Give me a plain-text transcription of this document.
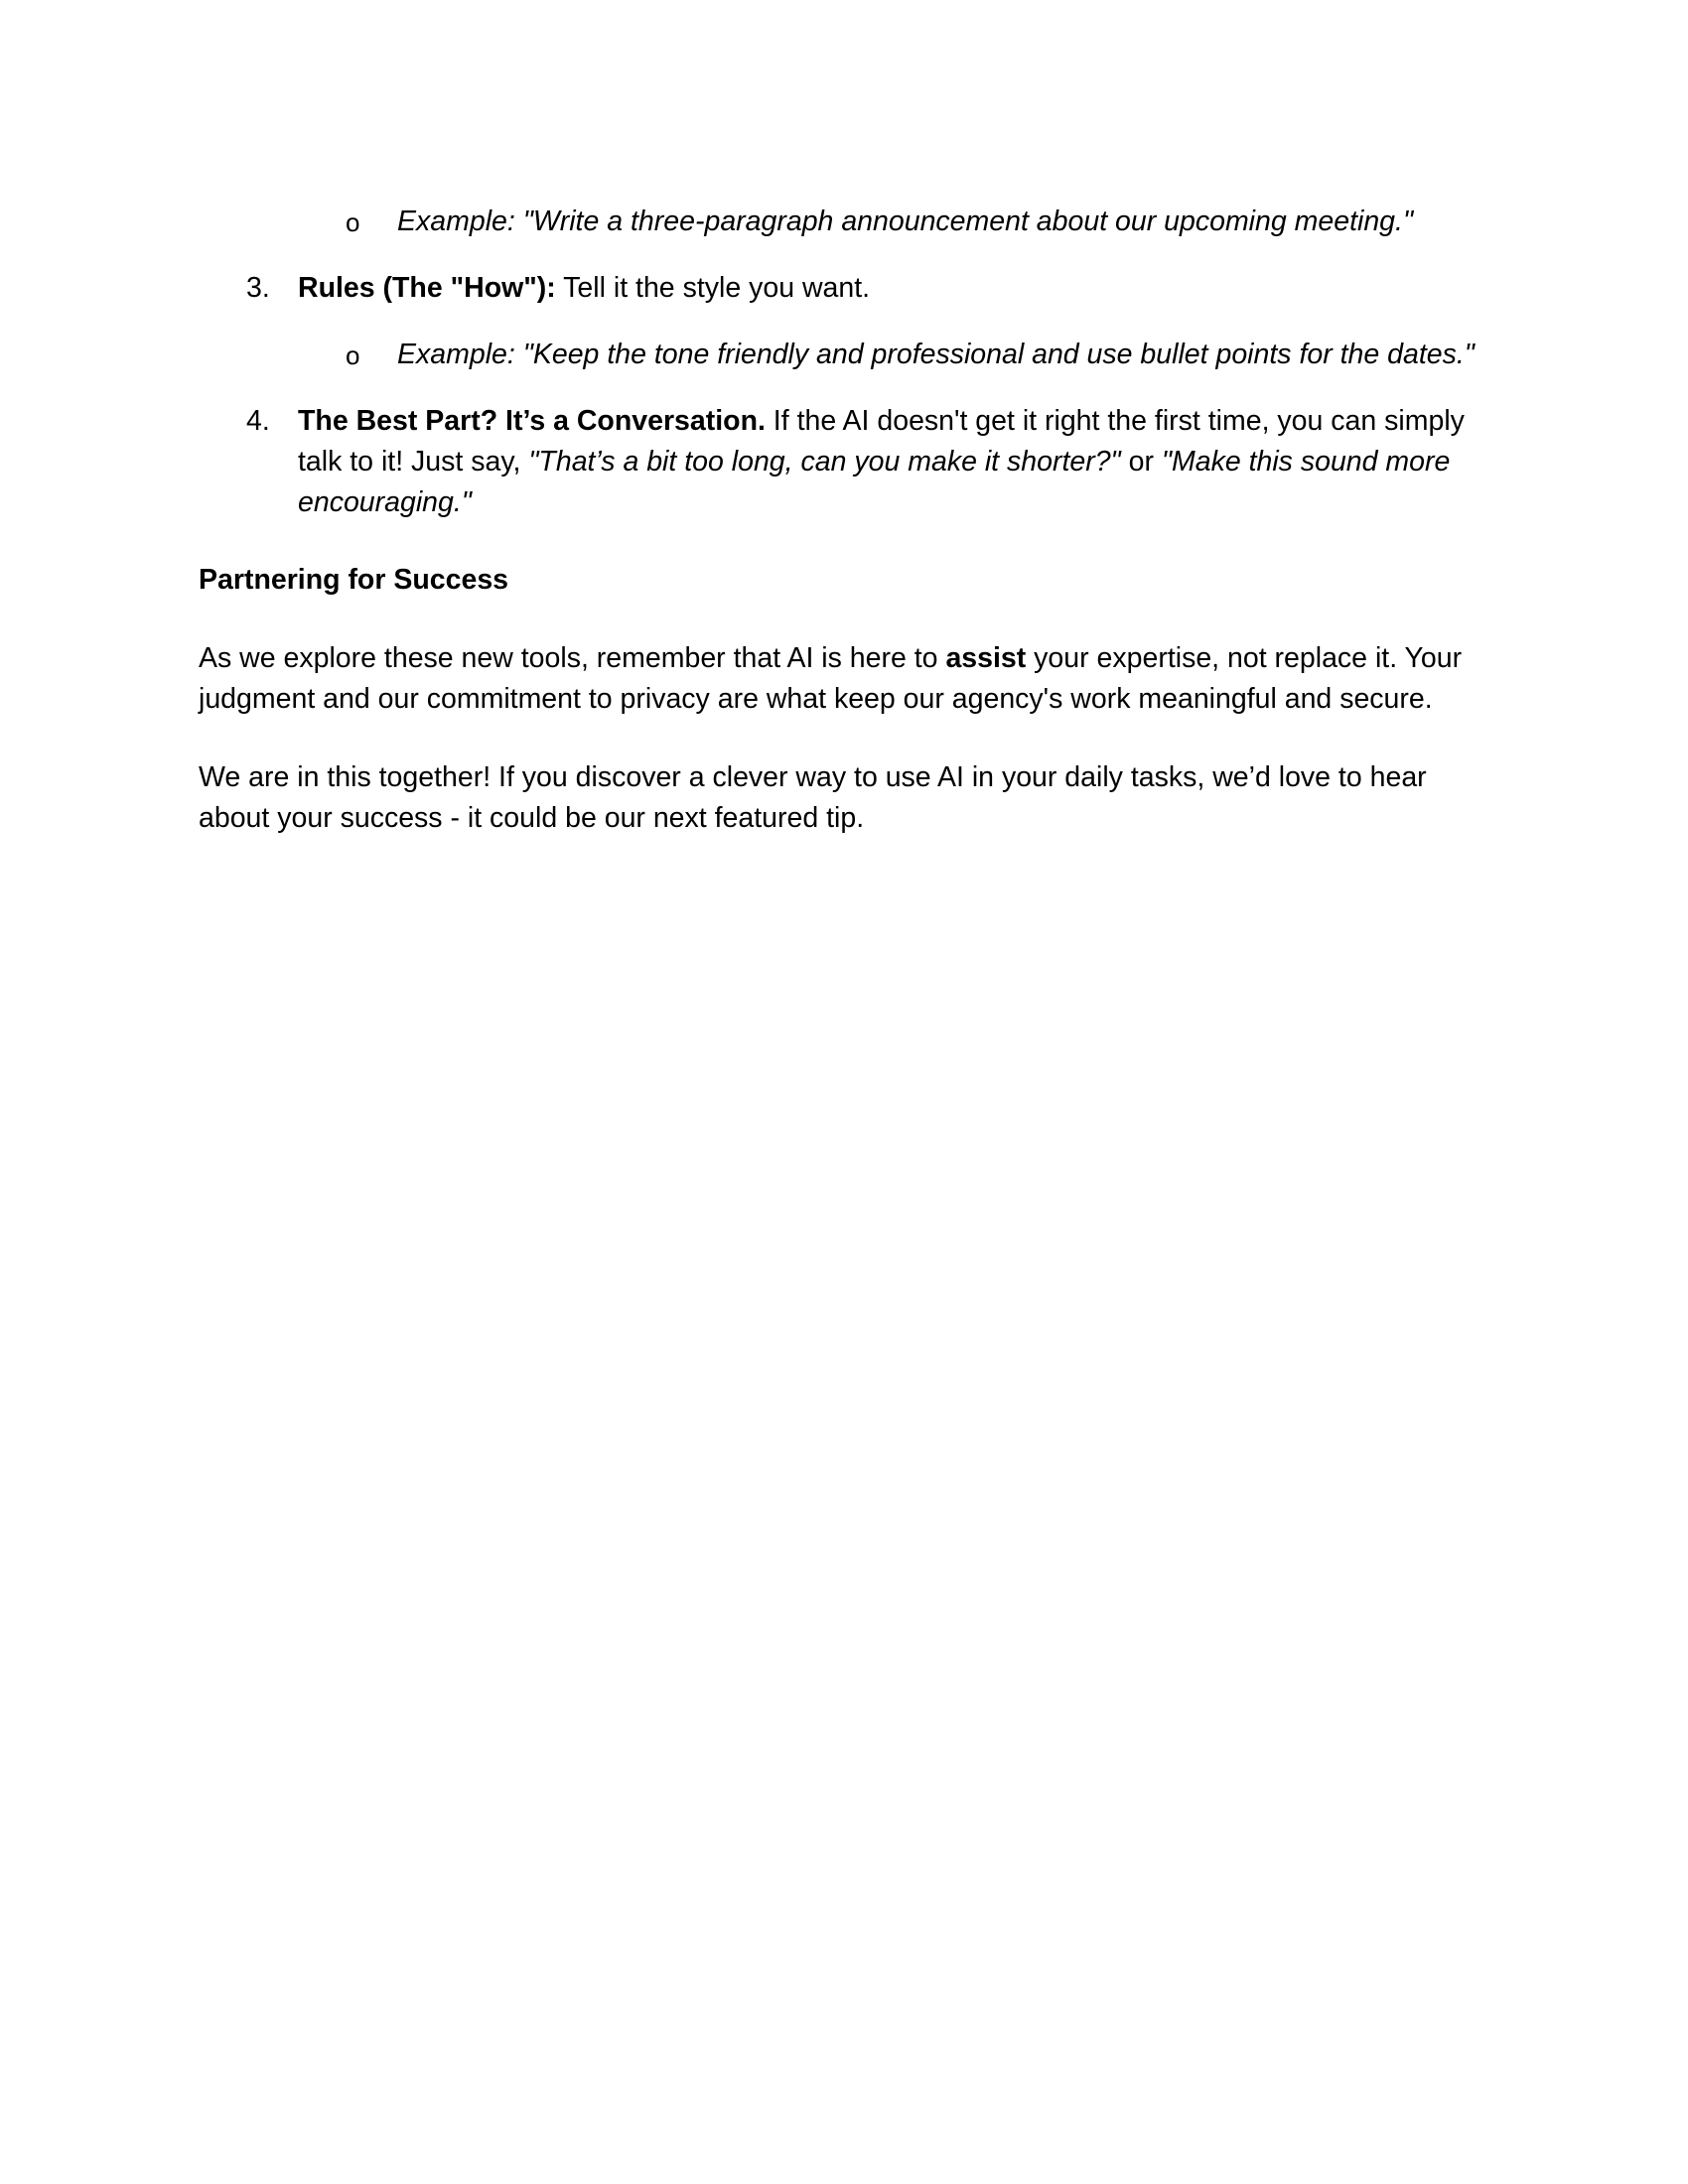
o Example: "Write a three-paragraph announcement about our upcoming meeting."

3. Rules (The "How"): Tell it the style you want.

o Example: "Keep the tone friendly and professional and use bullet points for the dates."

4. The Best Part? It’s a Conversation. If the AI doesn't get it right the first time, you can simply talk to it! Just say, "That’s a bit too long, can you make it shorter?" or "Make this sound more encouraging."

Partnering for Success

As we explore these new tools, remember that AI is here to assist your expertise, not replace it. Your judgment and our commitment to privacy are what keep our agency's work meaningful and secure.

We are in this together! If you discover a clever way to use AI in your daily tasks, we’d love to hear about your success - it could be our next featured tip.
